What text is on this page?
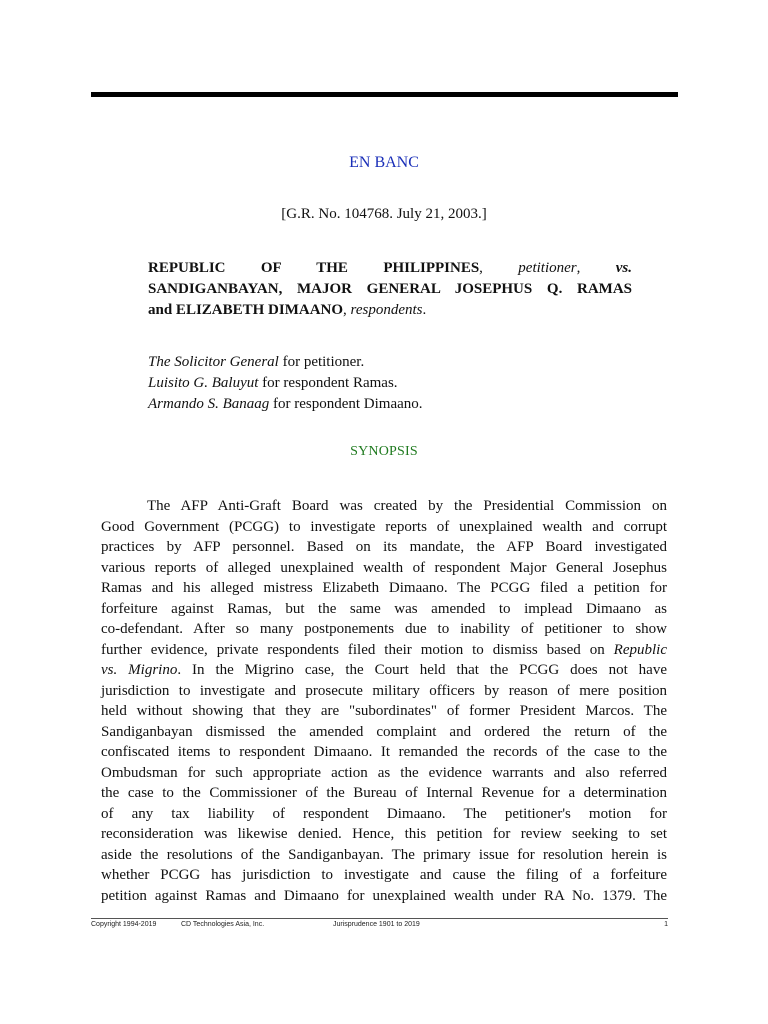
EN BANC
[G.R. No. 104768. July 21, 2003.]
REPUBLIC OF THE PHILIPPINES, petitioner, vs.
SANDIGANBAYAN, MAJOR GENERAL JOSEPHUS Q. RAMAS
and ELIZABETH DIMAANO, respondents.
The Solicitor General for petitioner.
Luisito G. Baluyut for respondent Ramas.
Armando S. Banaag for respondent Dimaano.
SYNOPSIS
The AFP Anti-Graft Board was created by the Presidential Commission on
Good Government (PCGG) to investigate reports of unexplained wealth and corrupt
practices by AFP personnel. Based on its mandate, the AFP Board investigated
various reports of alleged unexplained wealth of respondent Major General Josephus
Ramas and his alleged mistress Elizabeth Dimaano. The PCGG filed a petition for
forfeiture against Ramas, but the same was amended to implead Dimaano as
co-defendant. After so many postponements due to inability of petitioner to show
further evidence, private respondents filed their motion to dismiss based on Republic
vs. Migrino. In the Migrino case, the Court held that the PCGG does not have
jurisdiction to investigate and prosecute military officers by reason of mere position
held without showing that they are "subordinates" of former President Marcos. The
Sandiganbayan dismissed the amended complaint and ordered the return of the
confiscated items to respondent Dimaano. It remanded the records of the case to the
Ombudsman for such appropriate action as the evidence warrants and also referred
the case to the Commissioner of the Bureau of Internal Revenue for a determination
of any tax liability of respondent Dimaano. The petitioner's motion for
reconsideration was likewise denied. Hence, this petition for review seeking to set
aside the resolutions of the Sandiganbayan. The primary issue for resolution herein is
whether PCGG has jurisdiction to investigate and cause the filing of a forfeiture
petition against Ramas and Dimaano for unexplained wealth under RA No. 1379. The
Copyright 1994-2019	CD Technologies Asia, Inc.	Jurisprudence 1901 to 2019	1
